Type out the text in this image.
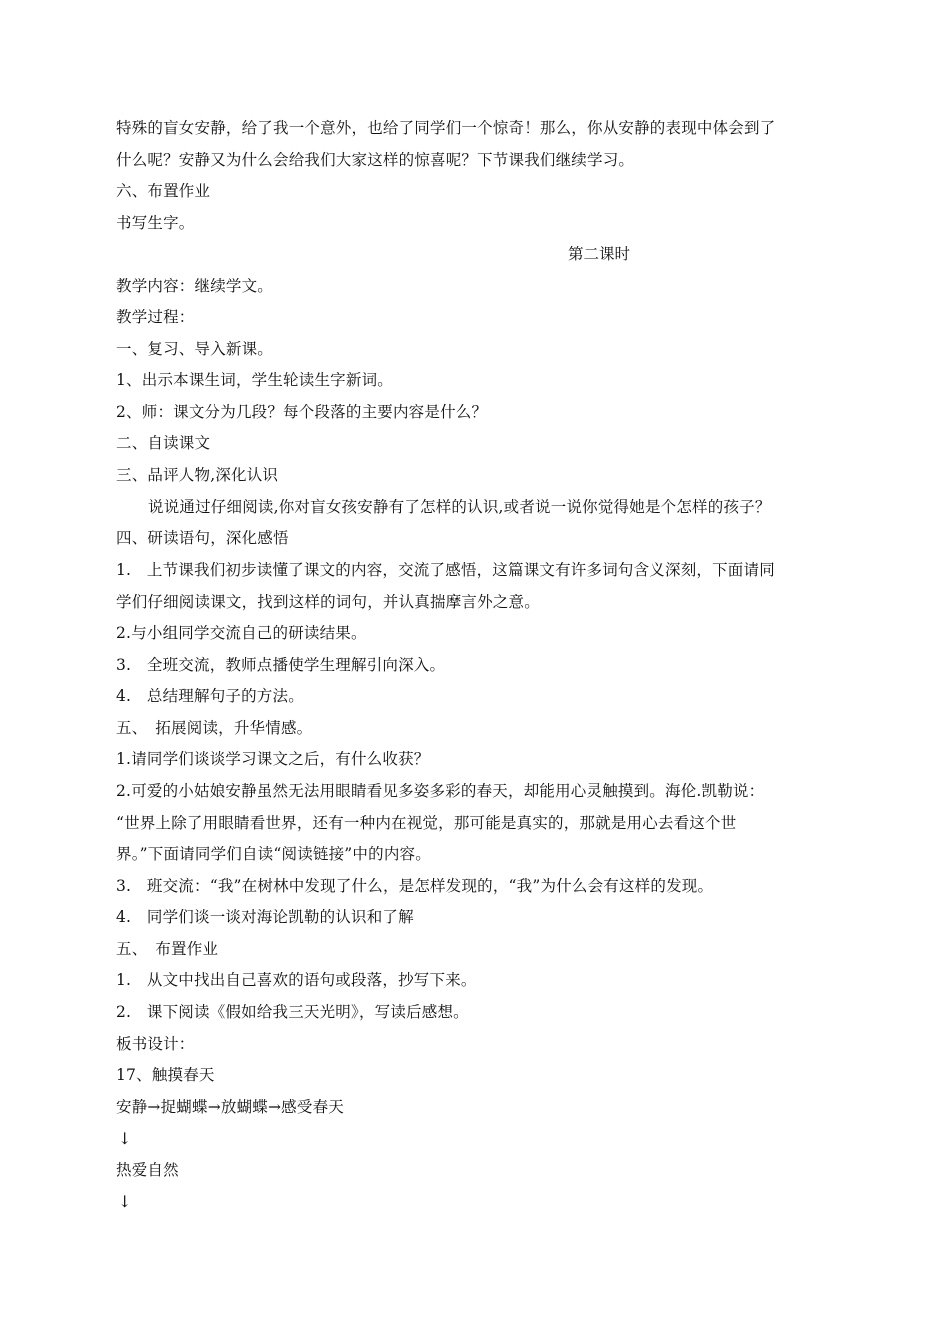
特殊的盲女安静，给了我一个意外，也给了同学们一个惊奇！那么，你从安静的表现中体会到了
什么呢？安静又为什么会给我们大家这样的惊喜呢？下节课我们继续学习。
六、布置作业
书写生字。
第二课时
教学内容：继续学文。
教学过程：
一、复习、导入新课。
1、出示本课生词，学生轮读生字新词。
2、师：课文分为几段？每个段落的主要内容是什么？
二、自读课文
三、品评人物,深化认识
说说通过仔细阅读,你对盲女孩安静有了怎样的认识,或者说一说你觉得她是个怎样的孩子？
四、研读语句，深化感悟
1.　上节课我们初步读懂了课文的内容，交流了感悟，这篇课文有许多词句含义深刻，下面请同
学们仔细阅读课文，找到这样的词句，并认真揣摩言外之意。
2.与小组同学交流自己的研读结果。
3.　全班交流，教师点播使学生理解引向深入。
4.　总结理解句子的方法。
五、　拓展阅读，升华情感。
1.请同学们谈谈学习课文之后，有什么收获？
2.可爱的小姑娘安静虽然无法用眼睛看见多姿多彩的春天，却能用心灵触摸到。海伦.凯勒说：
“世界上除了用眼睛看世界，还有一种内在视觉，那可能是真实的，那就是用心去看这个世
界。”下面请同学们自读“阅读链接”中的内容。
3.　班交流：“我”在树林中发现了什么，是怎样发现的，“我”为什么会有这样的发现。
4.　同学们谈一谈对海论凯勒的认识和了解
五、　布置作业
1.　从文中找出自己喜欢的语句或段落，抄写下来。
2.　课下阅读《假如给我三天光明》，写读后感想。
板书设计：
17、触摸春天
安静→捉蝴蝶→放蝴蝶→感受春天
↓
热爱自然
↓
